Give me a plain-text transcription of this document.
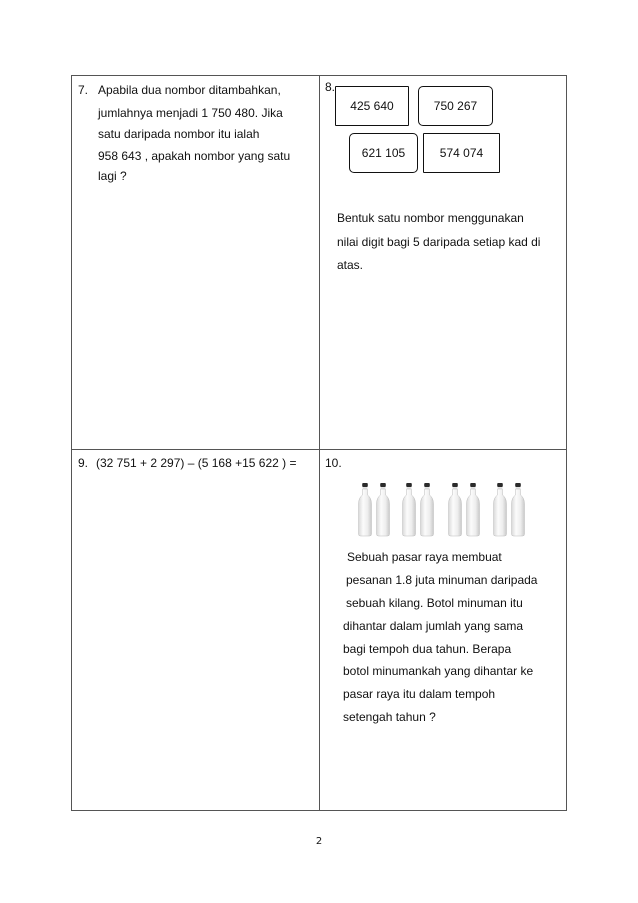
7. Apabila dua nombor ditambahkan,
jumlahnya menjadi 1 750 480. Jika
satu daripada nombor itu ialah
958 643 , apakah nombor yang satu
lagi ?
8.
425 640	750 267
621 105	574 074
Bentuk satu nombor menggunakan
nilai digit bagi 5 daripada setiap kad di
atas.
9. (32 751 + 2 297) – (5 168 +15 622 ) = 10.
Sebuah pasar raya membuat
pesanan 1.8 juta minuman daripada
sebuah kilang. Botol minuman itu
dihantar dalam jumlah yang sama
bagi tempoh dua tahun. Berapa
botol minumankah yang dihantar ke
pasar raya itu dalam tempoh
setengah tahun ?
2
